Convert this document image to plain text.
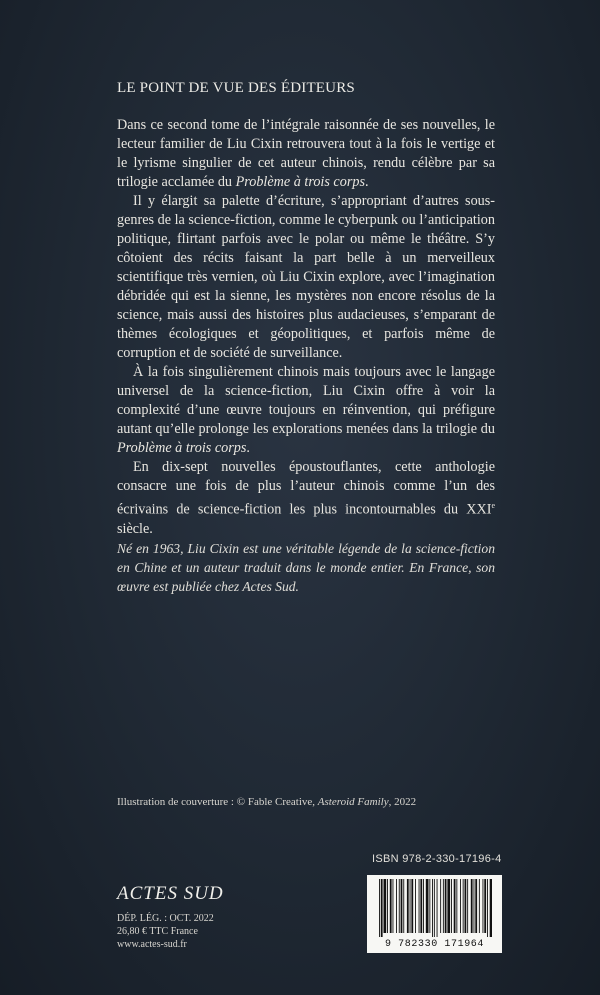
LE POINT DE VUE DES ÉDITEURS

Dans ce second tome de l’intégrale raisonnée de ses nouvelles, le lecteur familier de Liu Cixin retrouvera tout à la fois le vertige et le lyrisme singulier de cet auteur chinois, rendu célèbre par sa trilogie acclamée du Problème à trois corps.

Il y élargit sa palette d’écriture, s’appropriant d’autres sous-genres de la science-fiction, comme le cyberpunk ou l’anticipation politique, flirtant parfois avec le polar ou même le théâtre. S’y côtoient des récits faisant la part belle à un merveilleux scientifique très vernien, où Liu Cixin explore, avec l’imagination débridée qui est la sienne, les mystères non encore résolus de la science, mais aussi des histoires plus audacieuses, s’emparant de thèmes écologiques et géopolitiques, et parfois même de corruption et de société de surveillance.

À la fois singulièrement chinois mais toujours avec le langage universel de la science-fiction, Liu Cixin offre à voir la complexité d’une œuvre toujours en réinvention, qui préfigure autant qu’elle prolonge les explorations menées dans la trilogie du Problème à trois corps.

En dix-sept nouvelles époustouflantes, cette anthologie consacre une fois de plus l’auteur chinois comme l’un des écrivains de science-fiction les plus incontournables du XXIe siècle.

Né en 1963, Liu Cixin est une véritable légende de la science-fiction en Chine et un auteur traduit dans le monde entier. En France, son œuvre est publiée chez Actes Sud.

Illustration de couverture : © Fable Creative, Asteroid Family, 2022
ISBN 978-2-330-17196-4
9 782330 171964
ACTES SUD
DÉP. LÉG. : OCT. 2022
26,80 € TTC France
www.actes-sud.fr
